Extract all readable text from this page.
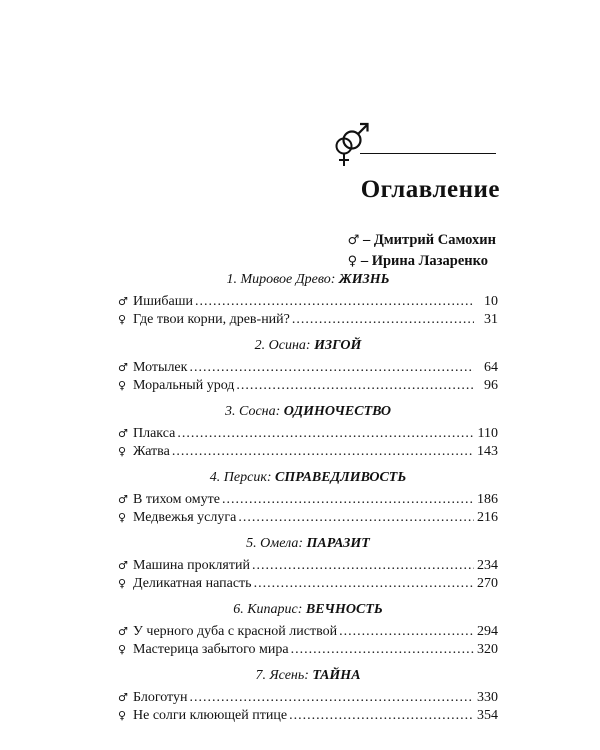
Оглавление
♂ – Дмитрий Самохин
♀ – Ирина Лазаренко
1. Мировое Древо: ЖИЗНЬ
♂ Ишибаши .....	10
♀ Где твои корни, древ-ний? .....	31
2. Осина: ИЗГОЙ
♂ Мотылек .....	64
♀ Моральный урод .....	96
3. Сосна: ОДИНОЧЕСТВО
♂ Плакса .....	110
♀ Жатва .....	143
4. Персик: СПРАВЕДЛИВОСТЬ
♂ В тихом омуте .....	186
♀ Медвежья услуга .....	216
5. Омела: ПАРАЗИТ
♂ Машина проклятий .....	234
♀ Деликатная напасть .....	270
6. Кипарис: ВЕЧНОСТЬ
♂ У черного дуба с красной листвой .....	294
♀ Мастерица забытого мира .....	320
7. Ясень: ТАЙНА
♂ Блоготун .....	330
♀ Не солги клюющей птице .....	354
